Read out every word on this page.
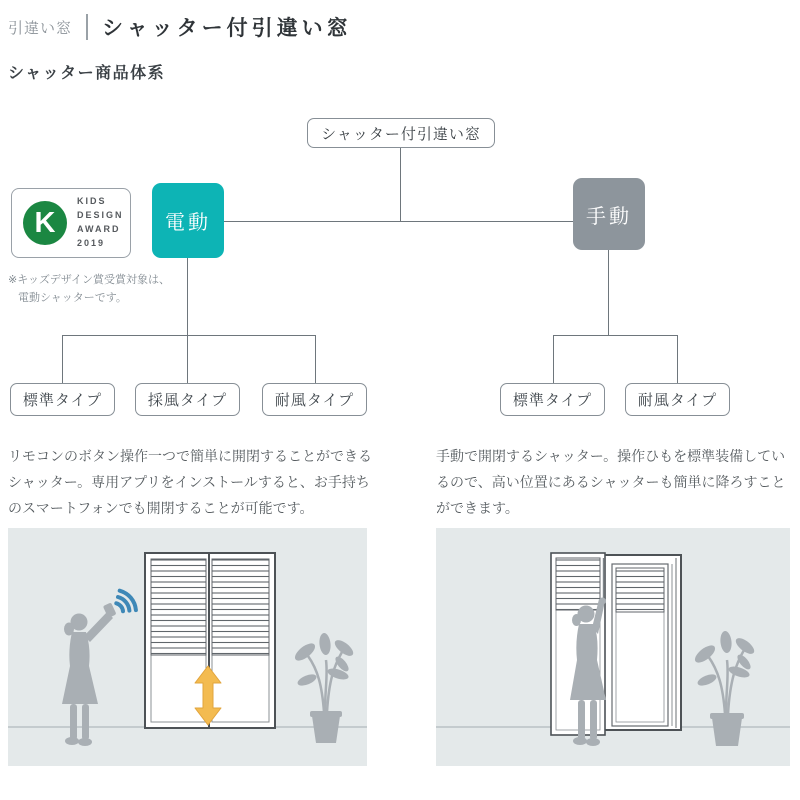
引違い窓 シャッター付引違い窓
シャッター商品体系
シャッター付引違い窓
電動	手動
標準タイプ	採風タイプ	耐風タイプ	標準タイプ	耐風タイプ
K
KIDS
DESIGN
AWARD
2019
※キッズデザイン賞受賞対象は、
電動シャッターです。
リモコンのボタン操作一つで簡単に開閉することができるシャッター。専用アプリをインストールすると、お手持ちのスマートフォンでも開閉することが可能です。
手動で開閉するシャッター。操作ひもを標準装備しているので、高い位置にあるシャッターも簡単に降ろすことができます。
